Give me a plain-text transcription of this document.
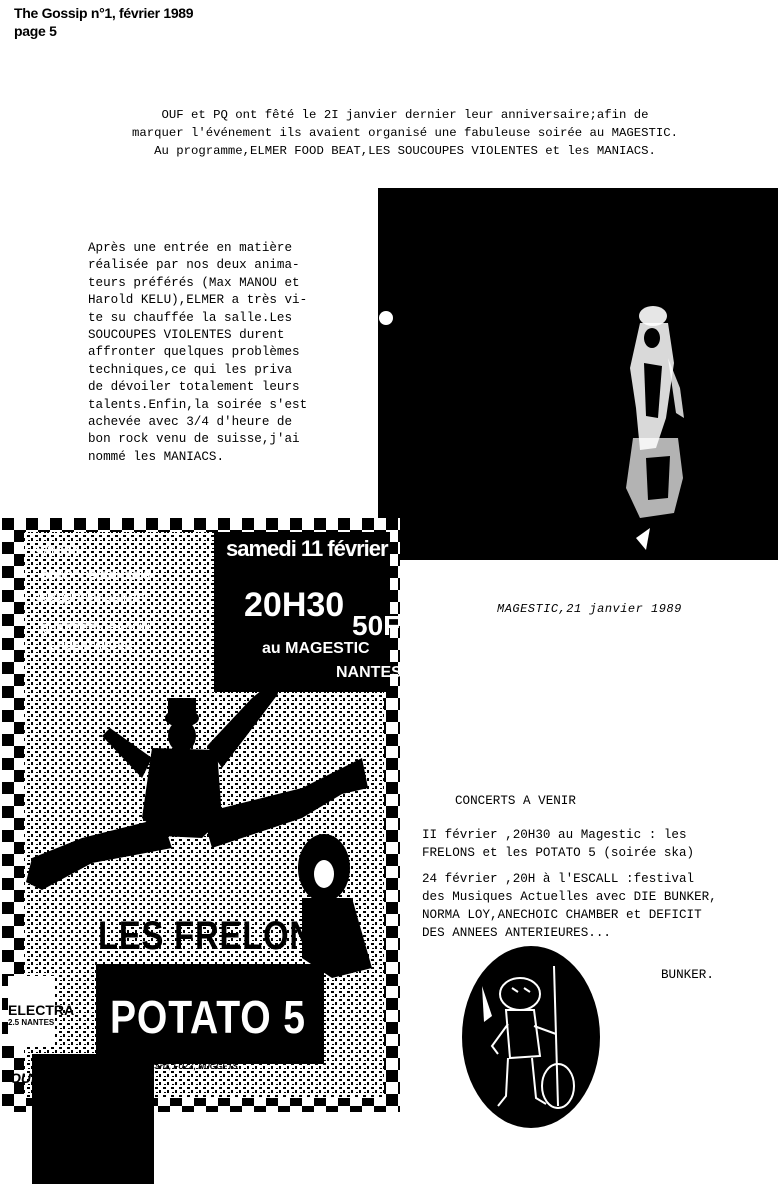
The Gossip n°1, février 1989
page 5
OUF et PQ ont fêté le 2I janvier dernier leur anniversaire;afin de
marquer l'événement ils avaient organisé une fabuleuse soirée au MAGESTIC.
Au programme,ELMER FOOD BEAT,LES SOUCOUPES VIOLENTES et les MANIACS.
Après une entrée en matière
réalisée par nos deux anima-
teurs préférés (Max MANOU et
Harold KELU),ELMER a très vi-
te su chauffée la salle.Les
SOUCOUPES VIOLENTES durent
affronter quelques problèmes
techniques,ce qui les priva
de dévoiler totalement leurs
talents.Enfin,la soirée s'est
achevée avec 3/4 d'heure de
bon rock venu de suisse,j'ai
nommé les MANIACS.
MAGESTIC,21 janvier 1989
SAMEDI
BONJOUR BONSOIR
JUSQU'A 5H DU MAT
QUARTIER GRASLIN
1 RUE D'ALGER
samedi 11 février
20H30
50F
au MAGESTIC
NANTES
LES FRELONS
POTATO 5
Réservations : Cariz, FUZZ, NUGGETS
ELECTRA
2.5 NANTES
OUF
CONCERTS A VENIR
II février ,20H30 au Magestic : les
FRELONS et les POTATO 5 (soirée ska)
24 février ,20H à l'ESCALL :festival
des Musiques Actuelles avec DIE BUNKER,
NORMA LOY,ANECHOIC CHAMBER et DEFICIT
DES ANNEES ANTERIEURES...
BUNKER.
